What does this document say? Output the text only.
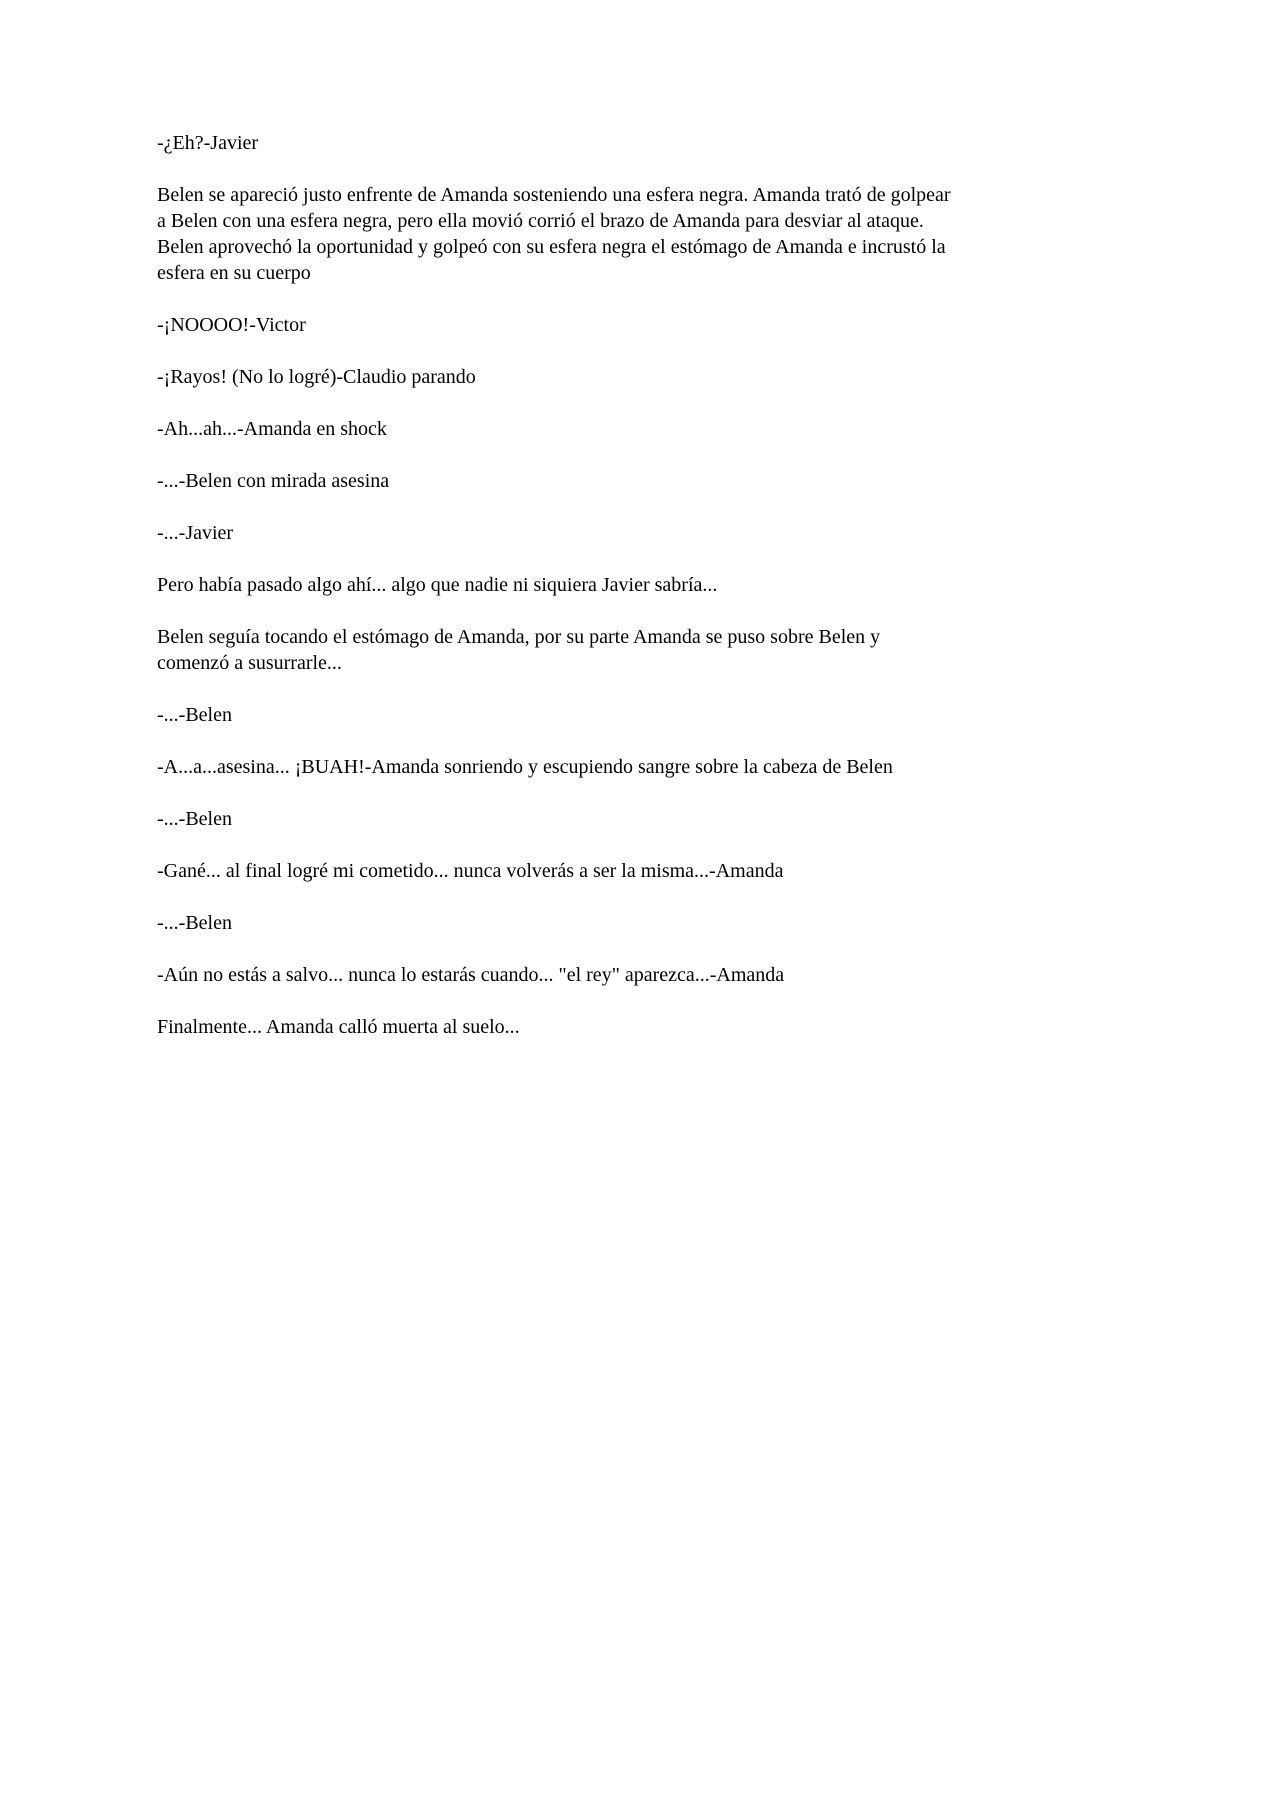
-¿Eh?-Javier

Belen se apareció justo enfrente de Amanda sosteniendo una esfera negra. Amanda trató de golpear a Belen con una esfera negra, pero ella movió corrió el brazo de Amanda para desviar al ataque. Belen aprovechó la oportunidad y golpeó con su esfera negra el estómago de Amanda e incrustó la esfera en su cuerpo

-¡NOOOO!-Victor

-¡Rayos! (No lo logré)-Claudio parando

-Ah...ah...-Amanda en shock

-...-Belen con mirada asesina

-...-Javier

Pero había pasado algo ahí... algo que nadie ni siquiera Javier sabría...

Belen seguía tocando el estómago de Amanda, por su parte Amanda se puso sobre Belen y comenzó a susurrarle...

-...-Belen

-A...a...asesina... ¡BUAH!-Amanda sonriendo y escupiendo sangre sobre la cabeza de Belen

-...-Belen

-Gané... al final logré mi cometido... nunca volverás a ser la misma...-Amanda

-...-Belen

-Aún no estás a salvo... nunca lo estarás cuando... "el rey" aparezca...-Amanda

Finalmente... Amanda calló muerta al suelo...
